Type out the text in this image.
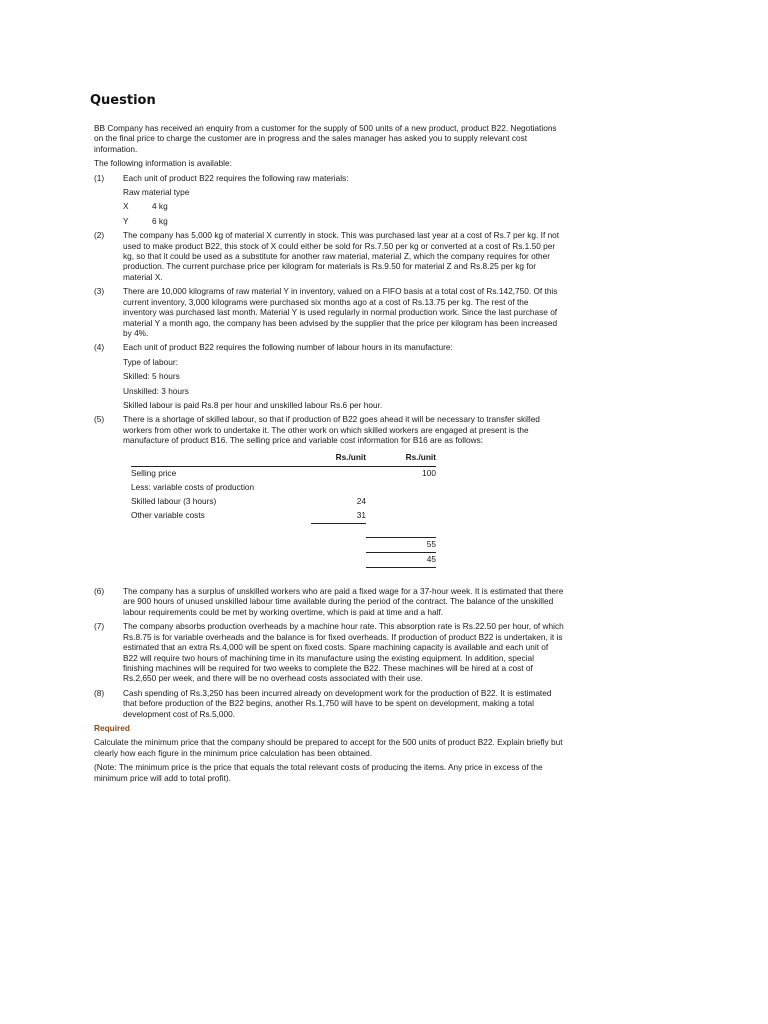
Question

BB Company has received an enquiry from a customer for the supply of 500 units of a new product, product B22. Negotiations on the final price to charge the customer are in progress and the sales manager has asked you to supply relevant cost information.

The following information is available:

(1)	Each unit of product B22 requires the following raw materials:
Raw material type
X	4 kg
Y	6 kg
(2)	The company has 5,000 kg of material X currently in stock. This was purchased last year at a cost of Rs.7 per kg. If not used to make product B22, this stock of X could either be sold for Rs.7.50 per kg or converted at a cost of Rs.1.50 per kg, so that it could be used as a substitute for another raw material, material Z, which the company requires for other production. The current purchase price per kilogram for materials is Rs.9.50 for material Z and Rs.8.25 per kg for material X.
(3)	There are 10,000 kilograms of raw material Y in inventory, valued on a FIFO basis at a total cost of Rs.142,750. Of this current inventory, 3,000 kilograms were purchased six months ago at a cost of Rs.13.75 per kg. The rest of the inventory was purchased last month. Material Y is used regularly in normal production work. Since the last purchase of material Y a month ago, the company has been advised by the supplier that the price per kilogram has been increased by 4%.
(4)	Each unit of product B22 requires the following number of labour hours in its manufacture:
Type of labour:
Skilled: 5 hours
Unskilled: 3 hours
Skilled labour is paid Rs.8 per hour and unskilled labour Rs.6 per hour.
(5)	There is a shortage of skilled labour, so that if production of B22 goes ahead it will be necessary to transfer skilled workers from other work to undertake it. The other work on which skilled workers are engaged at present is the manufacture of product B16. The selling price and variable cost information for B16 are as follows:
	Rs./unit	Rs./unit
Selling price		100
Less: variable costs of production		
Skilled labour (3 hours)	24	
Other variable costs	31	

		55
		45
(6)	The company has a surplus of unskilled workers who are paid a fixed wage for a 37-hour week. It is estimated that there are 900 hours of unused unskilled labour time available during the period of the contract. The balance of the unskilled labour requirements could be met by working overtime, which is paid at time and a half.
(7)	The company absorbs production overheads by a machine hour rate. This absorption rate is Rs.22.50 per hour, of which Rs.8.75 is for variable overheads and the balance is for fixed overheads. If production of product B22 is undertaken, it is estimated that an extra Rs.4,000 will be spent on fixed costs. Spare machining capacity is available and each unit of B22 will require two hours of machining time in its manufacture using the existing equipment. In addition, special finishing machines will be required for two weeks to complete the B22. These machines will be hired at a cost of Rs.2,650 per week, and there will be no overhead costs associated with their use.
(8)	Cash spending of Rs.3,250 has been incurred already on development work for the production of B22. It is estimated that before production of the B22 begins, another Rs.1,750 will have to be spent on development, making a total development cost of Rs.5,000.
Required

Calculate the minimum price that the company should be prepared to accept for the 500 units of product B22. Explain briefly but clearly how each figure in the minimum price calculation has been obtained.

(Note: The minimum price is the price that equals the total relevant costs of producing the items. Any price in excess of the minimum price will add to total profit).
